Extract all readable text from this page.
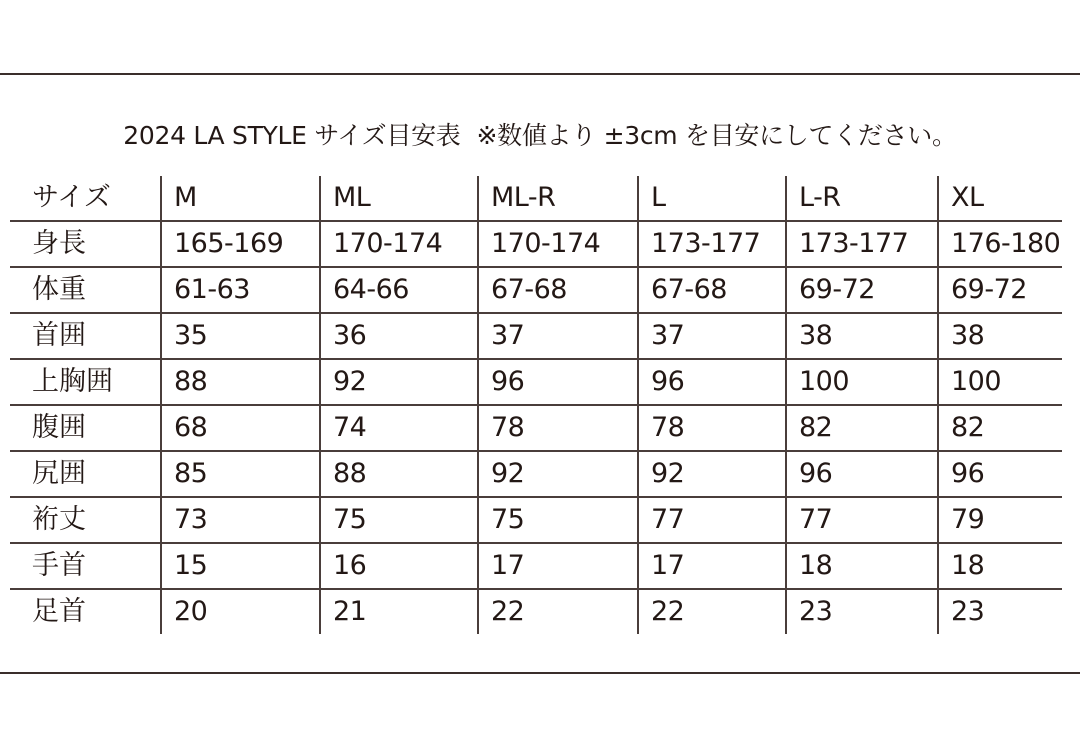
2024 LA STYLE サイズ目安表 ※数値より ±3cm を目安にしてください。
サイズ	M	ML	ML-R	L	L-R	XL
身長	165-169	170-174	170-174	173-177	173-177	176-180
体重	61-63	64-66	67-68	67-68	69-72	69-72
首囲	35	36	37	37	38	38
上胸囲	88	92	96	96	100	100
腹囲	68	74	78	78	82	82
尻囲	85	88	92	92	96	96
裄丈	73	75	75	77	77	79
手首	15	16	17	17	18	18
足首	20	21	22	22	23	23
